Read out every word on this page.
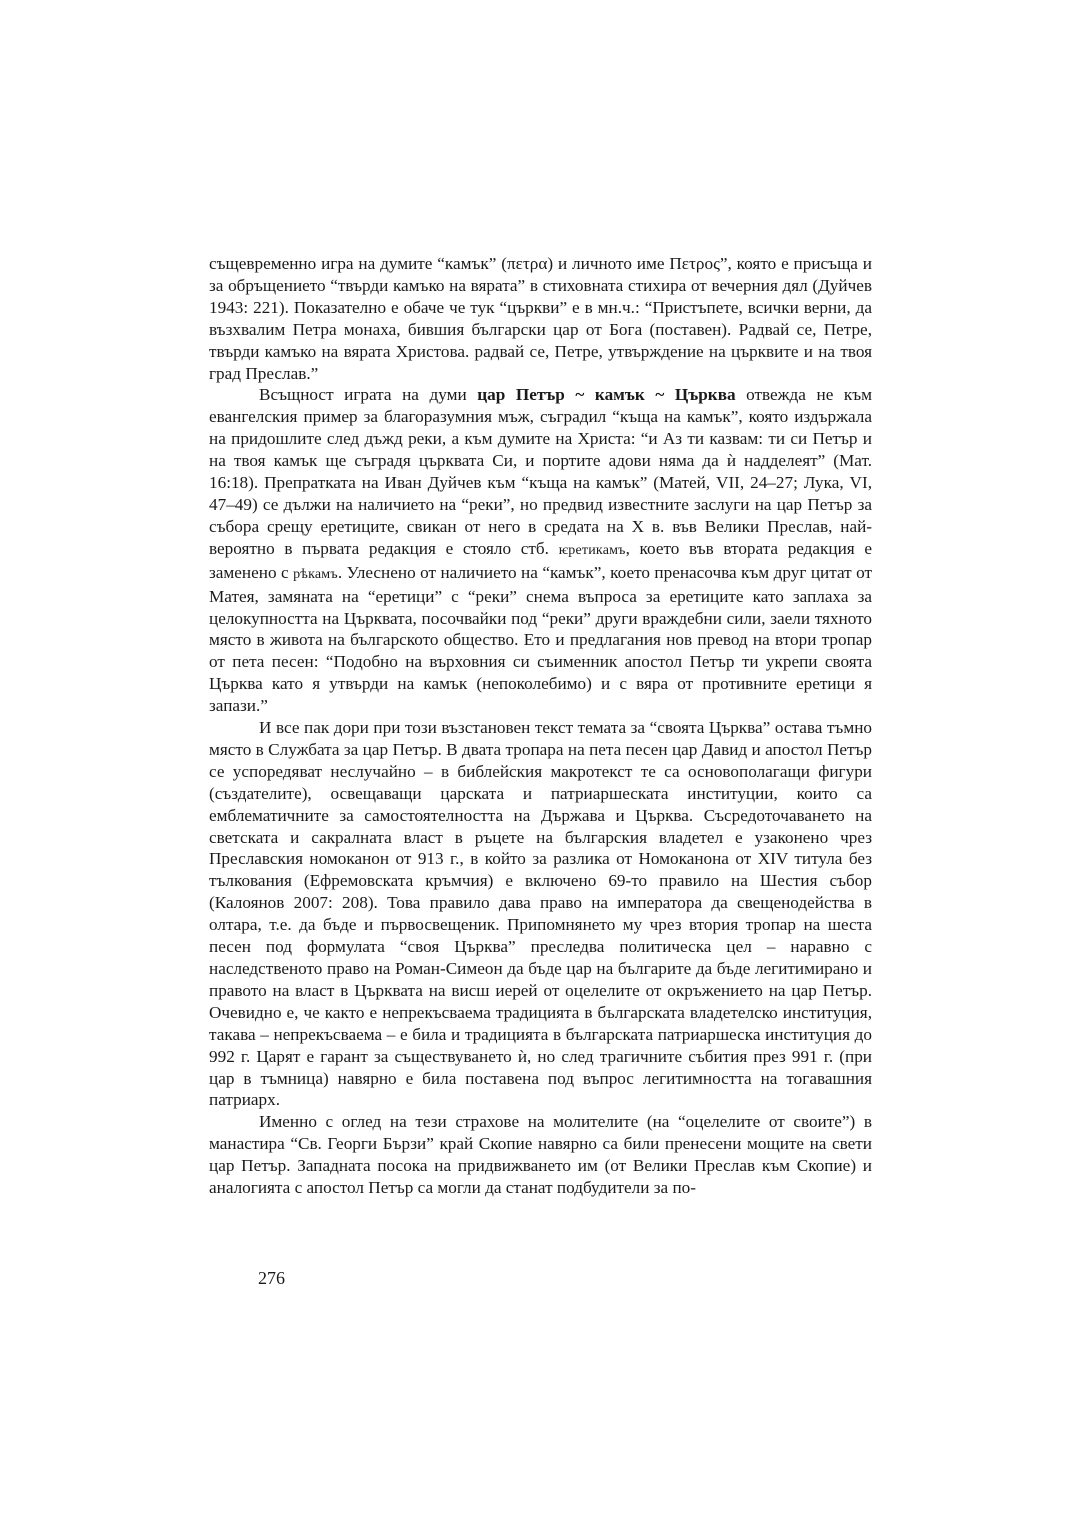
същевременно игра на думите “камък” (πετρα) и личното име Πετρος”, която е присъща и за обръщението “твърди камъко на вярата” в стиховната стихира от вечерния дял (Дуйчев 1943: 221). Показателно е обаче че тук “църкви” е в мн.ч.: “Пристъпете, всички верни, да възхвалим Петра монаха, бившия български цар от Бога (поставен). Радвай се, Петре, твърди камъко на вярата Христова. радвай се, Петре, утвърждение на църквите и на твоя град Преслав.”

Всъщност играта на думи цар Петър ~ камък ~ Църква отвежда не към евангелския пример за благоразумния мъж, съградил “къща на камък”, която издържала на придошлите след дъжд реки, а към думите на Христа: “и Аз ти казвам: ти си Петър и на твоя камък ще съградя църквата Си, и портите адови няма да ѝ надделеят” (Мат. 16:18). Препратката на Иван Дуйчев към “къща на камък” (Матей, VII, 24–27; Лука, VI, 47–49) се дължи на наличието на “реки”, но предвид известните заслуги на цар Петър за събора срещу еретиците, свикан от него в средата на Х в. във Велики Преслав, най-вероятно в първата редакция е стояло стб. ѥретикамъ, което във втората редакция е заменено с рѣкамъ. Улеснено от наличието на “камък”, което пренасочва към друг цитат от Матея, замяната на “еретици” с “реки” снема въпроса за еретиците като заплаха за целокупността на Църквата, посочвайки под “реки” други враждебни сили, заели тяхното място в живота на българското общество. Ето и предлагания нов превод на втори тропар от пета песен: “Подобно на върховния си съименник апостол Петър ти укрепи своята Църква като я утвърди на камък (непоколебимо) и с вяра от противните еретици я запази.”

И все пак дори при този възстановен текст темата за “своята Църква” остава тъмно място в Службата за цар Петър. В двата тропара на пета песен цар Давид и апостол Петър се успоредяват неслучайно – в библейския макротекст те са основополагащи фигури (създателите), освещаващи царската и патриаршеската институции, които са емблематичните за самостоятелността на Държава и Църква. Съсредоточаването на светската и сакралната власт в ръцете на българския владетел е узаконено чрез Преславския номоканон от 913 г., в който за разлика от Номоканона от XIV титула без тълкования (Ефремовската кръмчия) е включено 69-то правило на Шестия събор (Калоянов 2007: 208). Това правило дава право на императора да свещенодейства в олтара, т.е. да бъде и първосвещеник. Припомнянето му чрез втория тропар на шеста песен под формулата “своя Църква” преследва политическа цел – наравно с наследственото право на Роман-Симеон да бъде цар на българите да бъде легитимирано и правото на власт в Църквата на висш иерей от оцелелите от окръжението на цар Петър. Очевидно е, че както е непрекъсваема традицията в българската владетелско институция, такава – непрекъсваема – е била и традицията в българската патриаршеска институция до 992 г. Царят е гарант за съществуването ѝ, но след трагичните събития през 991 г. (при цар в тъмница) навярно е била поставена под въпрос легитимността на тогавашния патриарх.

Именно с оглед на тези страхове на молителите (на “оцелелите от своите”) в манастира “Св. Георги Бързи” край Скопие навярно са били пренесени мощите на свети цар Петър. Западната посока на придвижването им (от Велики Преслав към Скопие) и аналогията с апостол Петър са могли да станат подбудители за по-

276
